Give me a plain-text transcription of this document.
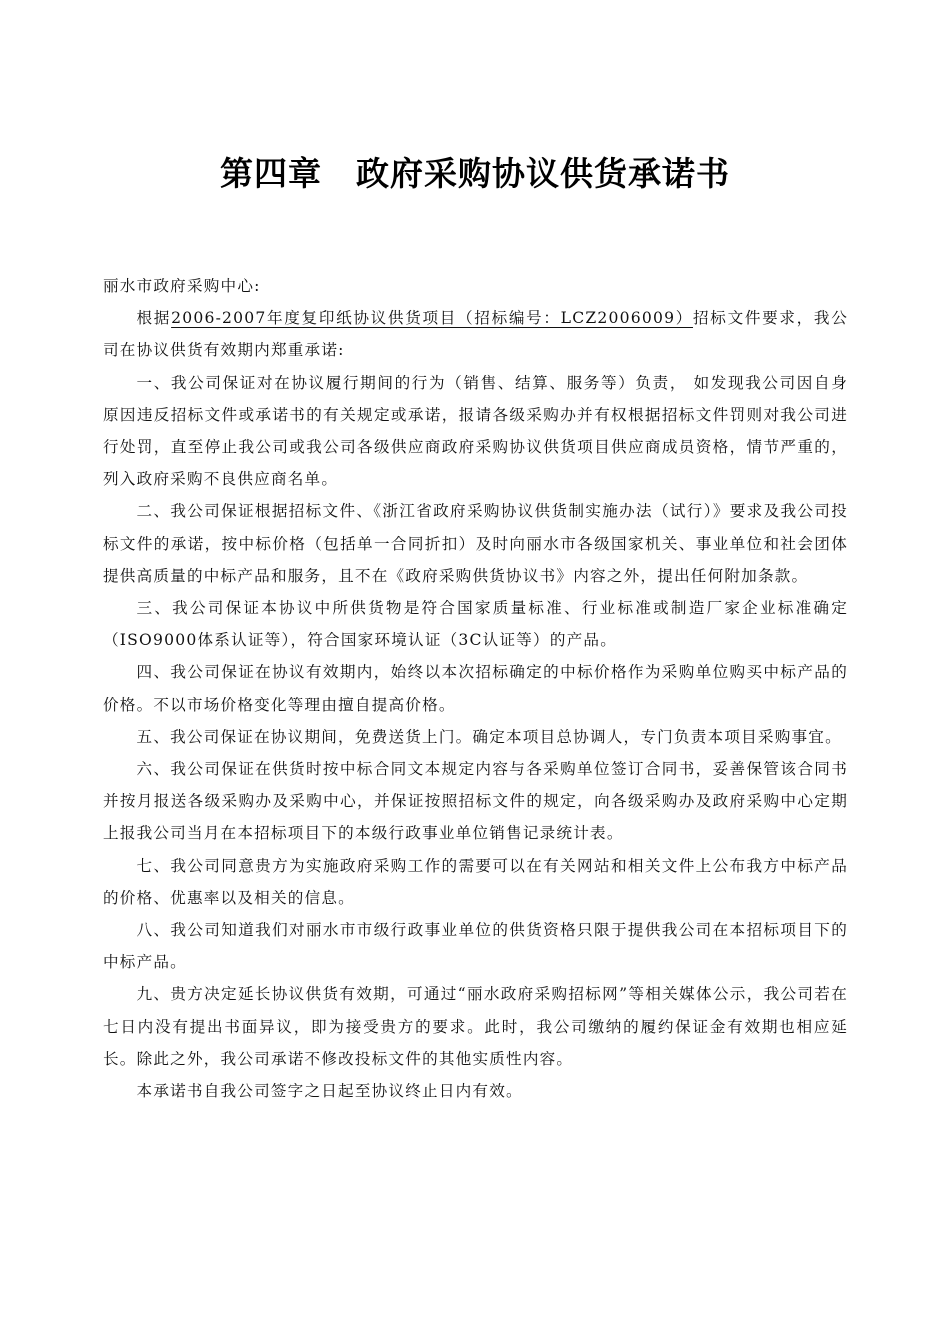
第四章　政府采购协议供货承诺书

丽水市政府采购中心:

根据2006-2007年度复印纸协议供货项目（招标编号：LCZ2006009）招标文件要求，我公司在协议供货有效期内郑重承诺:

一、我公司保证对在协议履行期间的行为（销售、结算、服务等）负责， 如发现我公司因自身原因违反招标文件或承诺书的有关规定或承诺，报请各级采购办并有权根据招标文件罚则对我公司进行处罚，直至停止我公司或我公司各级供应商政府采购协议供货项目供应商成员资格，情节严重的，列入政府采购不良供应商名单。

二、我公司保证根据招标文件、《浙江省政府采购协议供货制实施办法（试行）》要求及我公司投标文件的承诺，按中标价格（包括单一合同折扣）及时向丽水市各级国家机关、事业单位和社会团体提供高质量的中标产品和服务，且不在《政府采购供货协议书》内容之外，提出任何附加条款。

三、我公司保证本协议中所供货物是符合国家质量标准、行业标准或制造厂家企业标准确定（ISO9000体系认证等），符合国家环境认证（3C认证等）的产品。

四、我公司保证在协议有效期内，始终以本次招标确定的中标价格作为采购单位购买中标产品的价格。不以市场价格变化等理由擅自提高价格。

五、我公司保证在协议期间，免费送货上门。确定本项目总协调人，专门负责本项目采购事宜。

六、我公司保证在供货时按中标合同文本规定内容与各采购单位签订合同书，妥善保管该合同书并按月报送各级采购办及采购中心，并保证按照招标文件的规定，向各级采购办及政府采购中心定期上报我公司当月在本招标项目下的本级行政事业单位销售记录统计表。

七、我公司同意贵方为实施政府采购工作的需要可以在有关网站和相关文件上公布我方中标产品的价格、优惠率以及相关的信息。

八、我公司知道我们对丽水市市级行政事业单位的供货资格只限于提供我公司在本招标项目下的中标产品。

九、贵方决定延长协议供货有效期，可通过“丽水政府采购招标网”等相关媒体公示，我公司若在七日内没有提出书面异议，即为接受贵方的要求。此时，我公司缴纳的履约保证金有效期也相应延长。除此之外，我公司承诺不修改投标文件的其他实质性内容。

本承诺书自我公司签字之日起至协议终止日内有效。
